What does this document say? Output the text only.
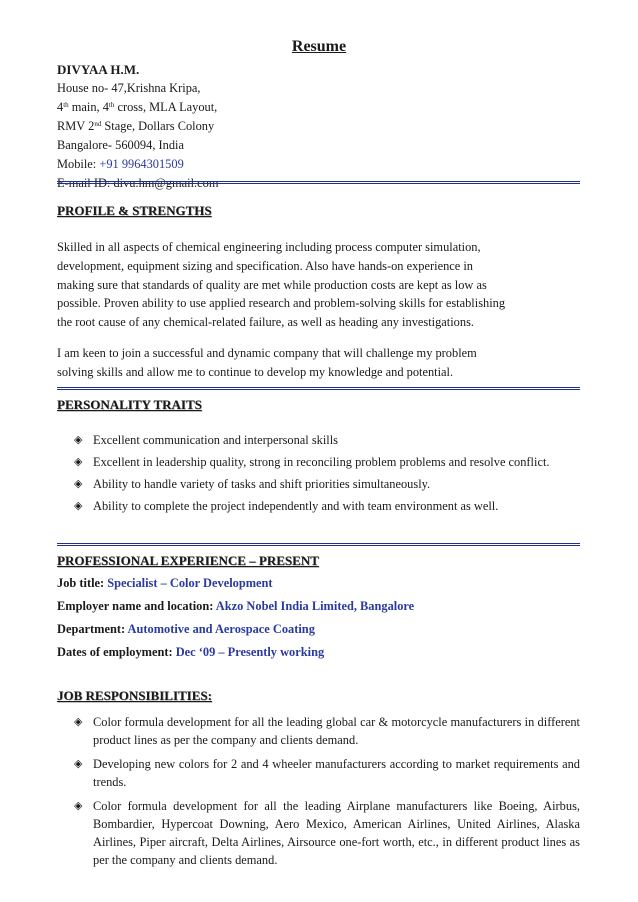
Resume
DIVYAA H.M.
House no- 47,Krishna Kripa,
4th main, 4th cross, MLA Layout,
RMV 2nd Stage, Dollars Colony
Bangalore- 560094, India
Mobile: +91 9964301509
E-mail ID: divu.hm@gmail.com
PROFILE & STRENGTHS
Skilled in all aspects of chemical engineering including process computer simulation,
development, equipment sizing and specification. Also have hands-on experience in
making sure that standards of quality are met while production costs are kept as low as
possible. Proven ability to use applied research and problem-solving skills for establishing
the root cause of any chemical-related failure, as well as heading any investigations.
I am keen to join a successful and dynamic company that will challenge my problem
solving skills and allow me to continue to develop my knowledge and potential.
PERSONALITY TRAITS
◈ Excellent communication and interpersonal skills
◈ Excellent in leadership quality, strong in reconciling problem problems and resolve conflict.
◈ Ability to handle variety of tasks and shift priorities simultaneously.
◈ Ability to complete the project independently and with team environment as well.
PROFESSIONAL EXPERIENCE – PRESENT
Job title: Specialist – Color Development
Employer name and location: Akzo Nobel India Limited, Bangalore
Department: Automotive and Aerospace Coating
Dates of employment: Dec ‘09 – Presently working
JOB RESPONSIBILITIES:
◈ Color formula development for all the leading global car & motorcycle manufacturers in different product lines as per the company and clients demand.
◈ Developing new colors for 2 and 4 wheeler manufacturers according to market requirements and trends.
◈ Color formula development for all the leading Airplane manufacturers like Boeing, Airbus, Bombardier, Hypercoat Downing, Aero Mexico, American Airlines, United Airlines, Alaska Airlines, Piper aircraft, Delta Airlines, Airsource one-fort worth, etc., in different product lines as per the company and clients demand.
